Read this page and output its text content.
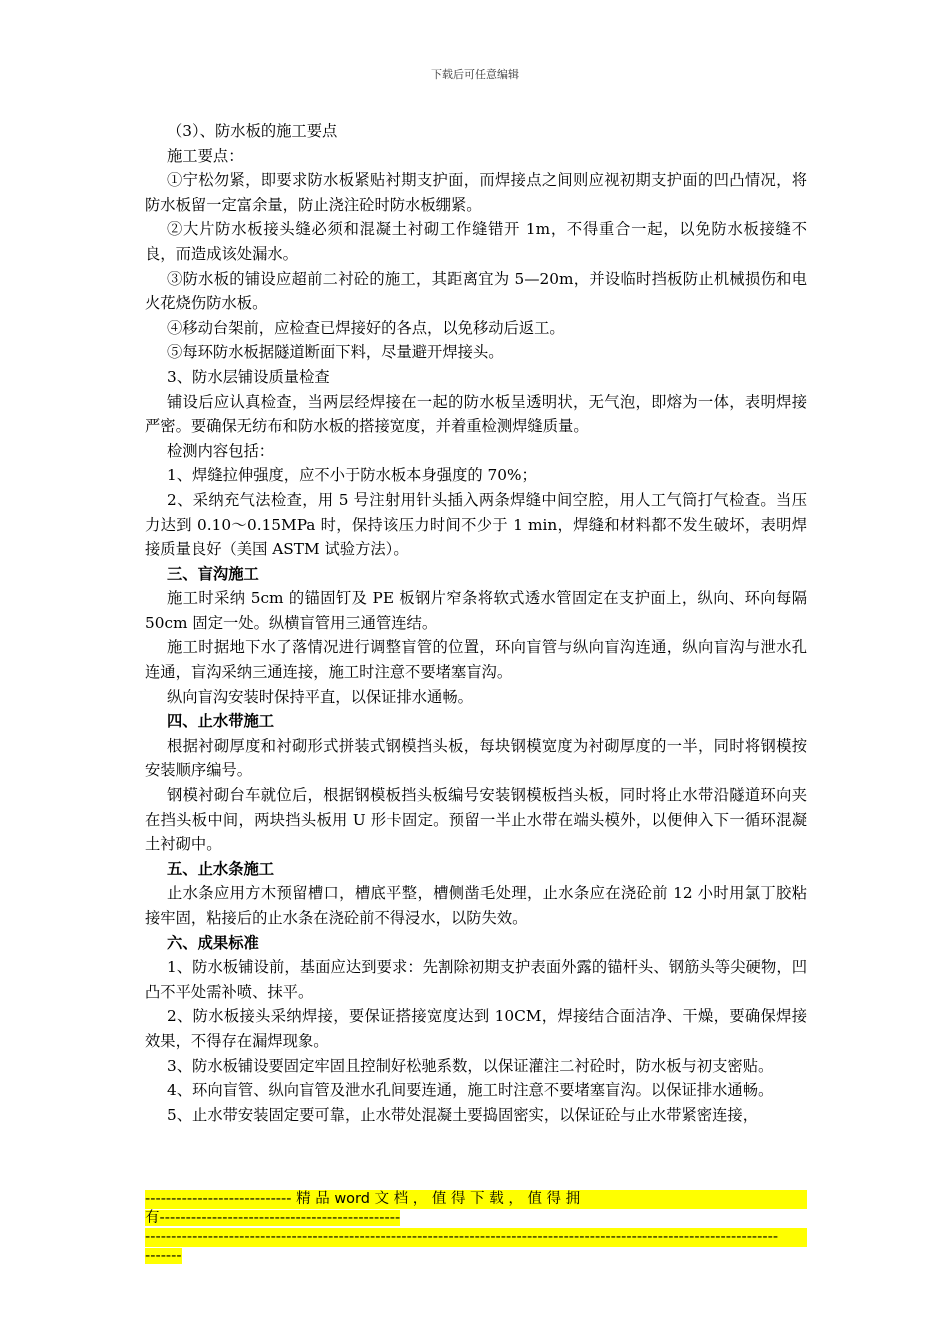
下载后可任意编辑

（3）、防水板的施工要点

施工要点：

①宁松勿紧，即要求防水板紧贴衬期支护面，而焊接点之间则应视初期支护面的凹凸情况，将防水板留一定富余量，防止浇注砼时防水板绷紧。

②大片防水板接头缝必须和混凝土衬砌工作缝错开 1m，不得重合一起，以免防水板接缝不良，而造成该处漏水。

③防水板的铺设应超前二衬砼的施工，其距离宜为 5—20m，并设临时挡板防止机械损伤和电火花烧伤防水板。

④移动台架前，应检查已焊接好的各点，以免移动后返工。

⑤每环防水板据隧道断面下料，尽量避开焊接头。

3、防水层铺设质量检查

铺设后应认真检查，当两层经焊接在一起的防水板呈透明状，无气泡，即熔为一体，表明焊接严密。要确保无纺布和防水板的搭接宽度，并着重检测焊缝质量。

检测内容包括：

1、焊缝拉伸强度，应不小于防水板本身强度的 70%；

2、采纳充气法检查，用 5 号注射用针头插入两条焊缝中间空腔，用人工气筒打气检查。当压力达到 0.10～0.15MPa 时，保持该压力时间不少于 1 min，焊缝和材料都不发生破坏，表明焊接质量良好（美国 ASTM 试验方法）。

三、盲沟施工

施工时采纳 5cm 的锚固钉及 PE 板钢片窄条将软式透水管固定在支护面上，纵向、环向每隔 50cm 固定一处。纵横盲管用三通管连结。

施工时据地下水了落情况进行调整盲管的位置，环向盲管与纵向盲沟连通，纵向盲沟与泄水孔连通，盲沟采纳三通连接，施工时注意不要堵塞盲沟。

纵向盲沟安装时保持平直，以保证排水通畅。

四、止水带施工

根据衬砌厚度和衬砌形式拼装式钢模挡头板，每块钢模宽度为衬砌厚度的一半，同时将钢模按安装顺序编号。

钢模衬砌台车就位后，根据钢模板挡头板编号安装钢模板挡头板，同时将止水带沿隧道环向夹在挡头板中间，两块挡头板用 U 形卡固定。预留一半止水带在端头模外，以便伸入下一循环混凝土衬砌中。

五、止水条施工

止水条应用方木预留槽口，槽底平整，槽侧凿毛处理，止水条应在浇砼前 12 小时用氯丁胶粘接牢固，粘接后的止水条在浇砼前不得浸水，以防失效。

六、成果标准

1、防水板铺设前，基面应达到要求：先割除初期支护表面外露的锚杆头、钢筋头等尖硬物，凹凸不平处需补喷、抹平。

2、防水板接头采纳焊接，要保证搭接宽度达到 10CM，焊接结合面洁净、干燥，要确保焊接效果，不得存在漏焊现象。

3、防水板铺设要固定牢固且控制好松驰系数，以保证灌注二衬砼时，防水板与初支密贴。

4、环向盲管、纵向盲管及泄水孔间要连通，施工时注意不要堵塞盲沟。以保证排水通畅。

5、止水带安装固定要可靠，止水带处混凝土要捣固密实，以保证砼与止水带紧密连接，

---------------------------- 精 品 word 文 档 ， 值 得 下 载 ， 值 得 拥
有----------------------------------------------
-------------------------------------------------------------------------------------------------------------------------
-------
